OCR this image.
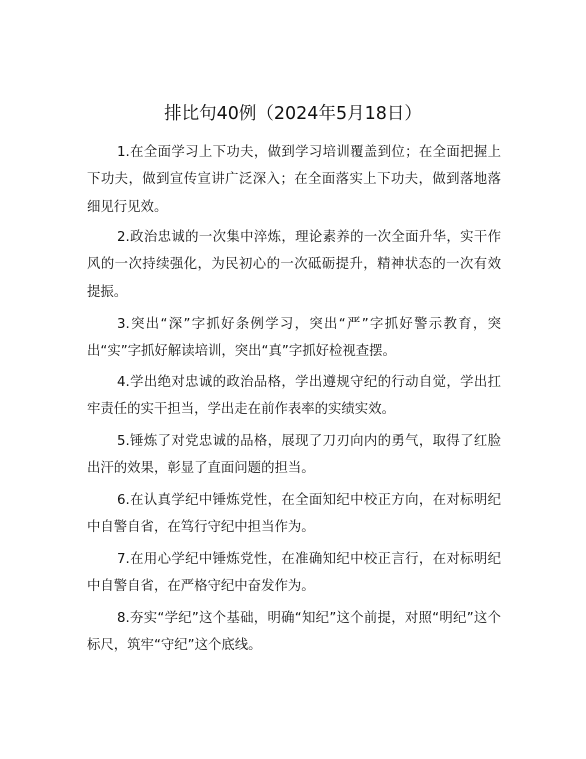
排比句40例（2024年5月18日）

1.在全面学习上下功夫，做到学习培训覆盖到位；在全面把握上下功夫，做到宣传宣讲广泛深入；在全面落实上下功夫，做到落地落细见行见效。

2.政治忠诚的一次集中淬炼，理论素养的一次全面升华，实干作风的一次持续强化，为民初心的一次砥砺提升，精神状态的一次有效提振。

3.突出“深”字抓好条例学习，突出“严”字抓好警示教育，突出“实”字抓好解读培训，突出“真”字抓好检视查摆。

4.学出绝对忠诚的政治品格，学出遵规守纪的行动自觉，学出扛牢责任的实干担当，学出走在前作表率的实绩实效。

5.锤炼了对党忠诚的品格，展现了刀刃向内的勇气，取得了红脸出汗的效果，彰显了直面问题的担当。

6.在认真学纪中锤炼党性，在全面知纪中校正方向，在对标明纪中自警自省，在笃行守纪中担当作为。

7.在用心学纪中锤炼党性，在准确知纪中校正言行，在对标明纪中自警自省，在严格守纪中奋发作为。

8.夯实“学纪”这个基础，明确“知纪”这个前提，对照“明纪”这个标尺，筑牢“守纪”这个底线。
